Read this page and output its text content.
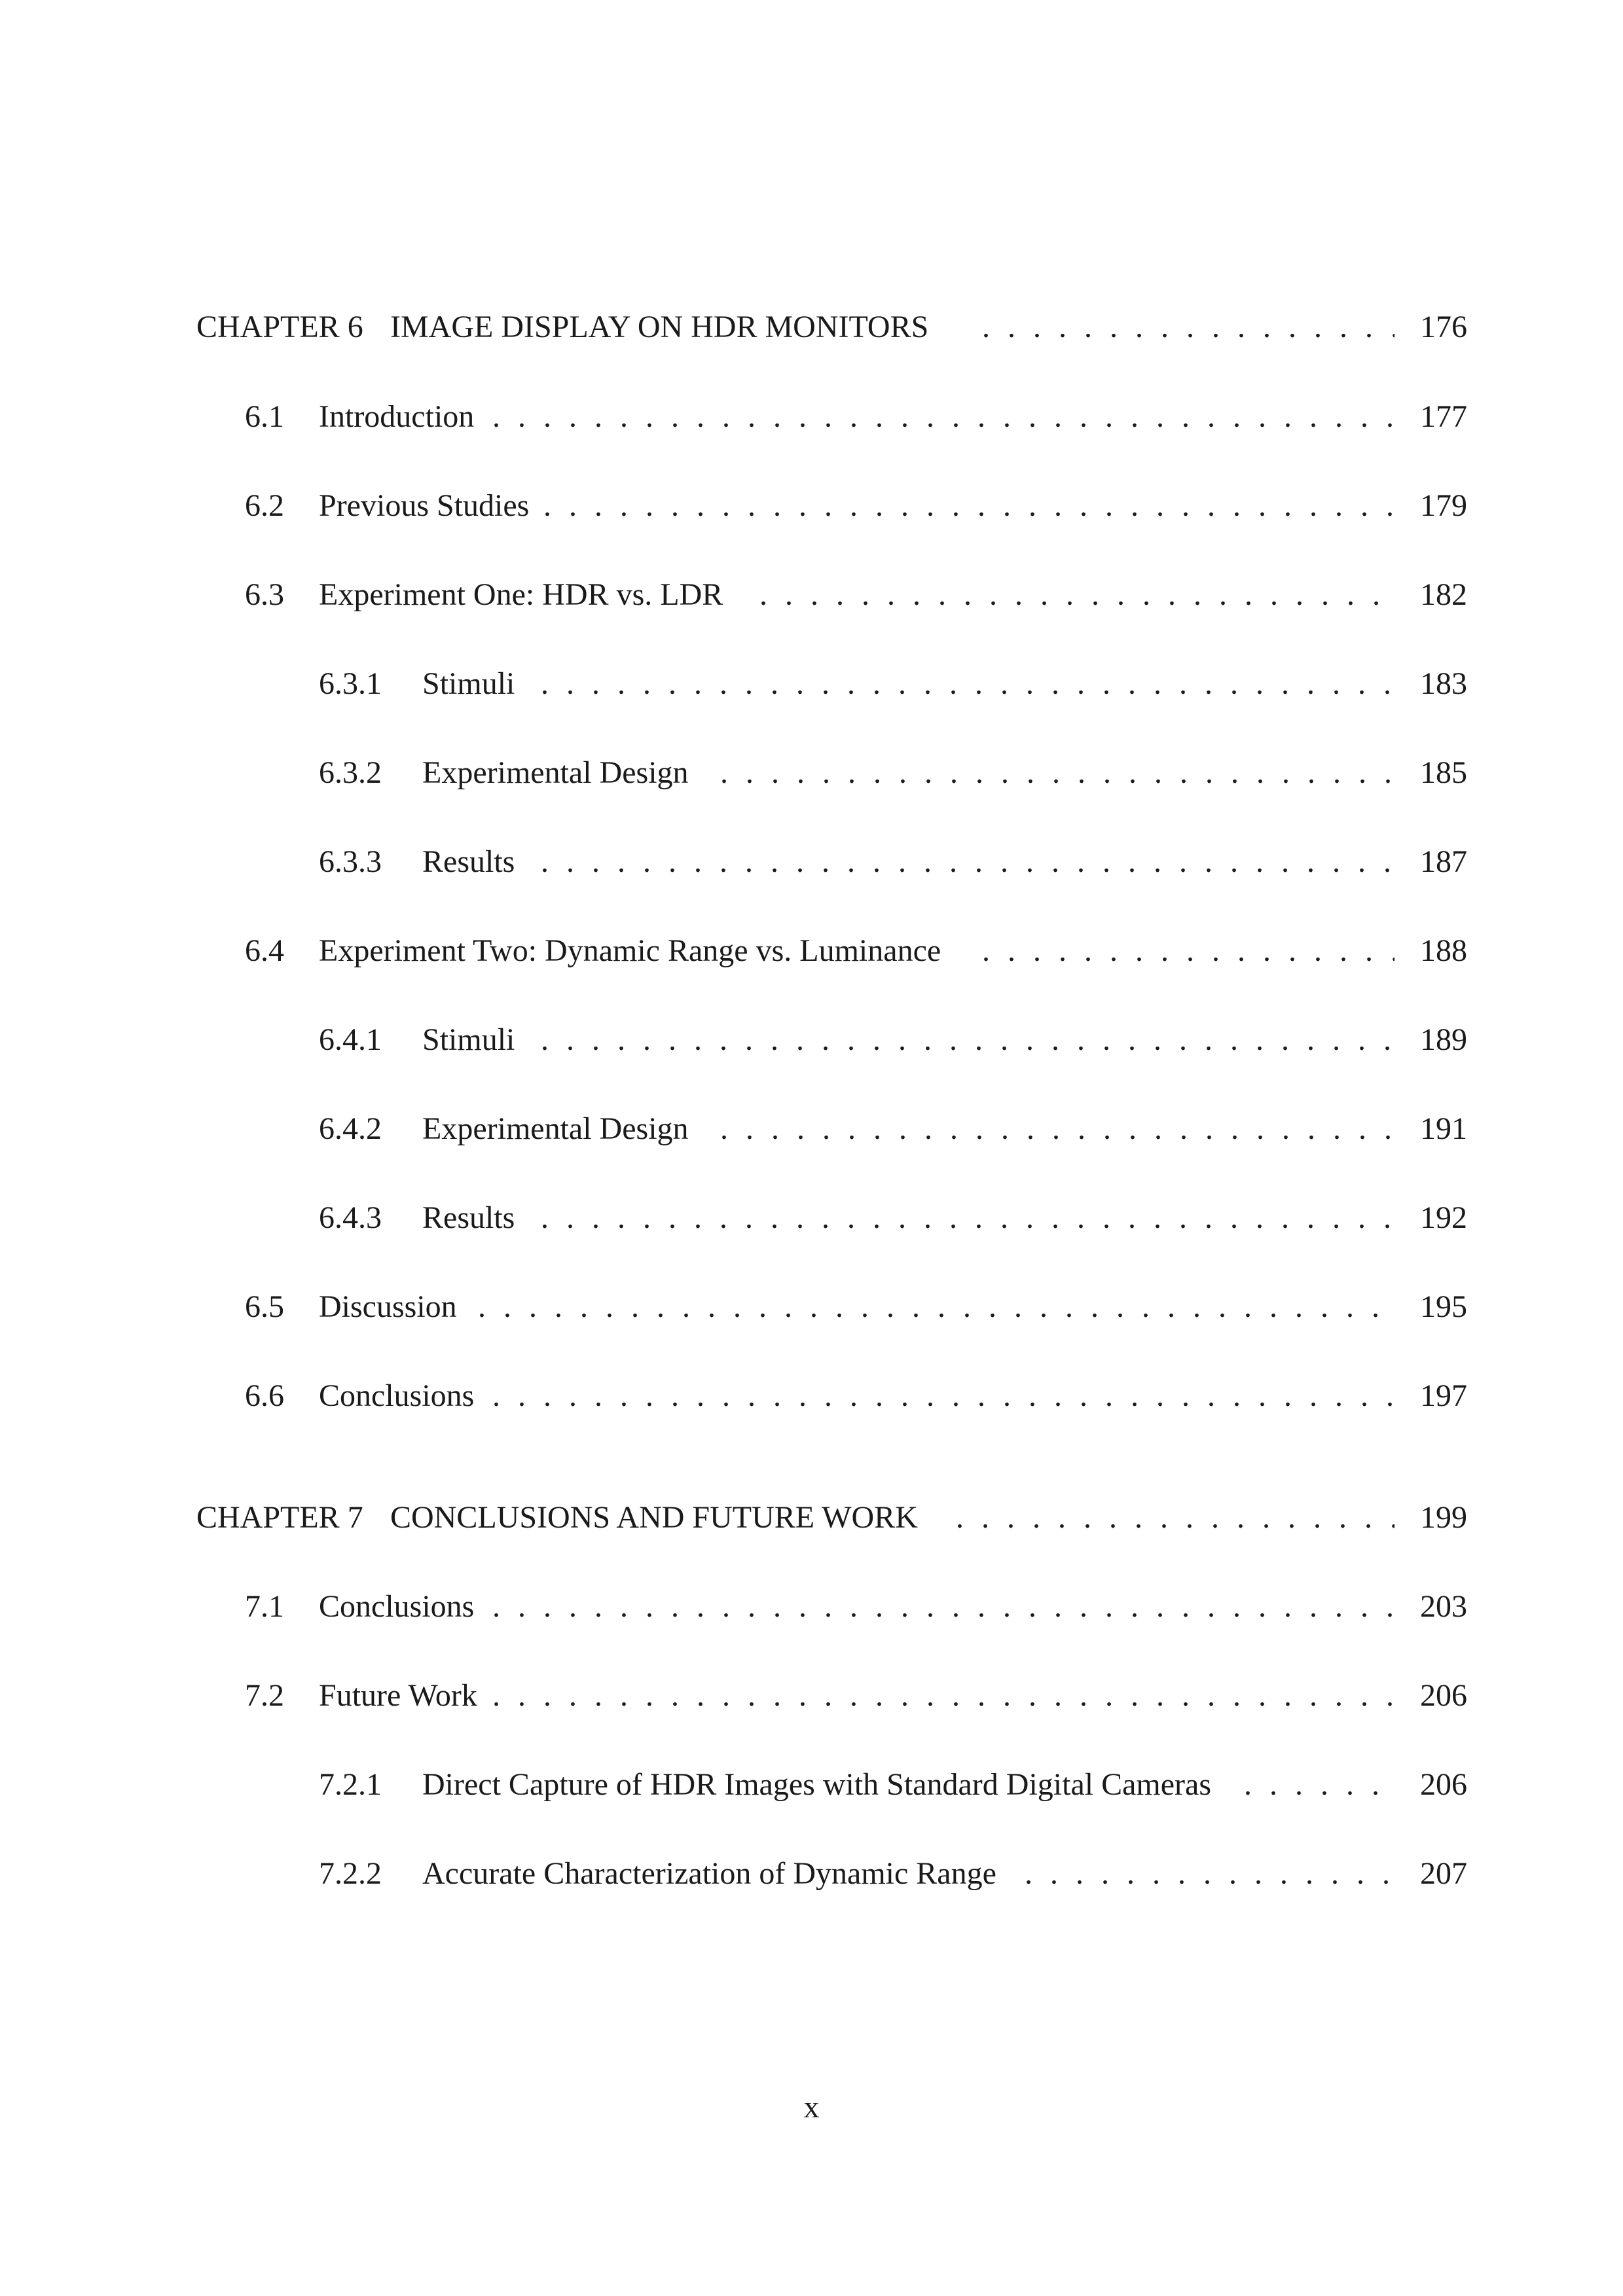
CHAPTER 6 IMAGE DISPLAY ON HDR MONITORS . . .	176
6.1 Introduction . . .	177
6.2 Previous Studies . . .	179
6.3 Experiment One: HDR vs. LDR . . .	182
6.3.1 Stimuli . . .	183
6.3.2 Experimental Design . . .	185
6.3.3 Results . . .	187
6.4 Experiment Two: Dynamic Range vs. Luminance . . .	188
6.4.1 Stimuli . . .	189
6.4.2 Experimental Design . . .	191
6.4.3 Results . . .	192
6.5 Discussion . . .	195
6.6 Conclusions . . .	197
CHAPTER 7 CONCLUSIONS AND FUTURE WORK . . .	199
7.1 Conclusions . . .	203
7.2 Future Work . . .	206
7.2.1 Direct Capture of HDR Images with Standard Digital Cameras . . .	206
7.2.2 Accurate Characterization of Dynamic Range . . .	207
x
